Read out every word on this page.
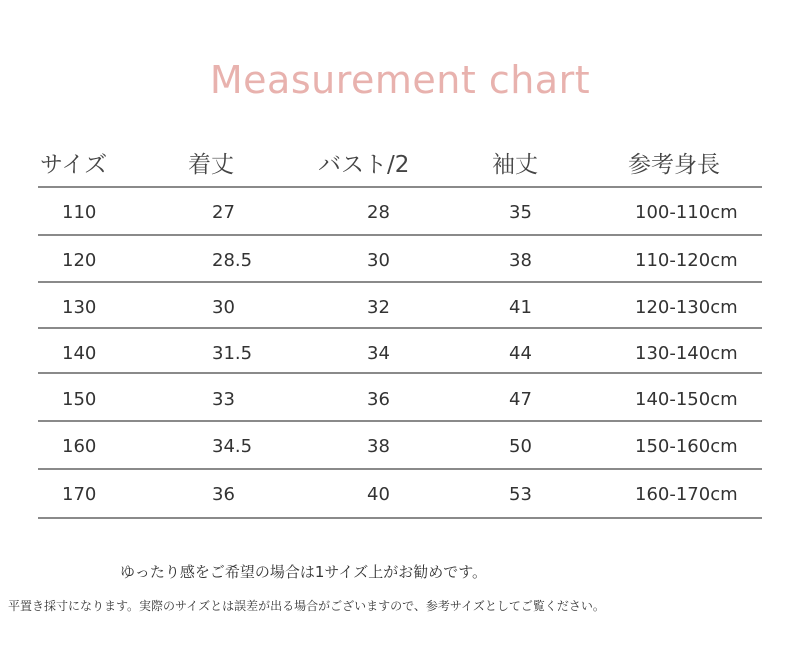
Measurement chart
サイズ	着丈	バスト/2	袖丈	参考身長
110	27	28	35	100-110cm
120	28.5	30	38	110-120cm
130	30	32	41	120-130cm
140	31.5	34	44	130-140cm
150	33	36	47	140-150cm
160	34.5	38	50	150-160cm
170	36	40	53	160-170cm
ゆったり感をご希望の場合は1サイズ上がお勧めです。
平置き採寸になります。実際のサイズとは誤差が出る場合がございますので、参考サイズとしてご覧ください。
